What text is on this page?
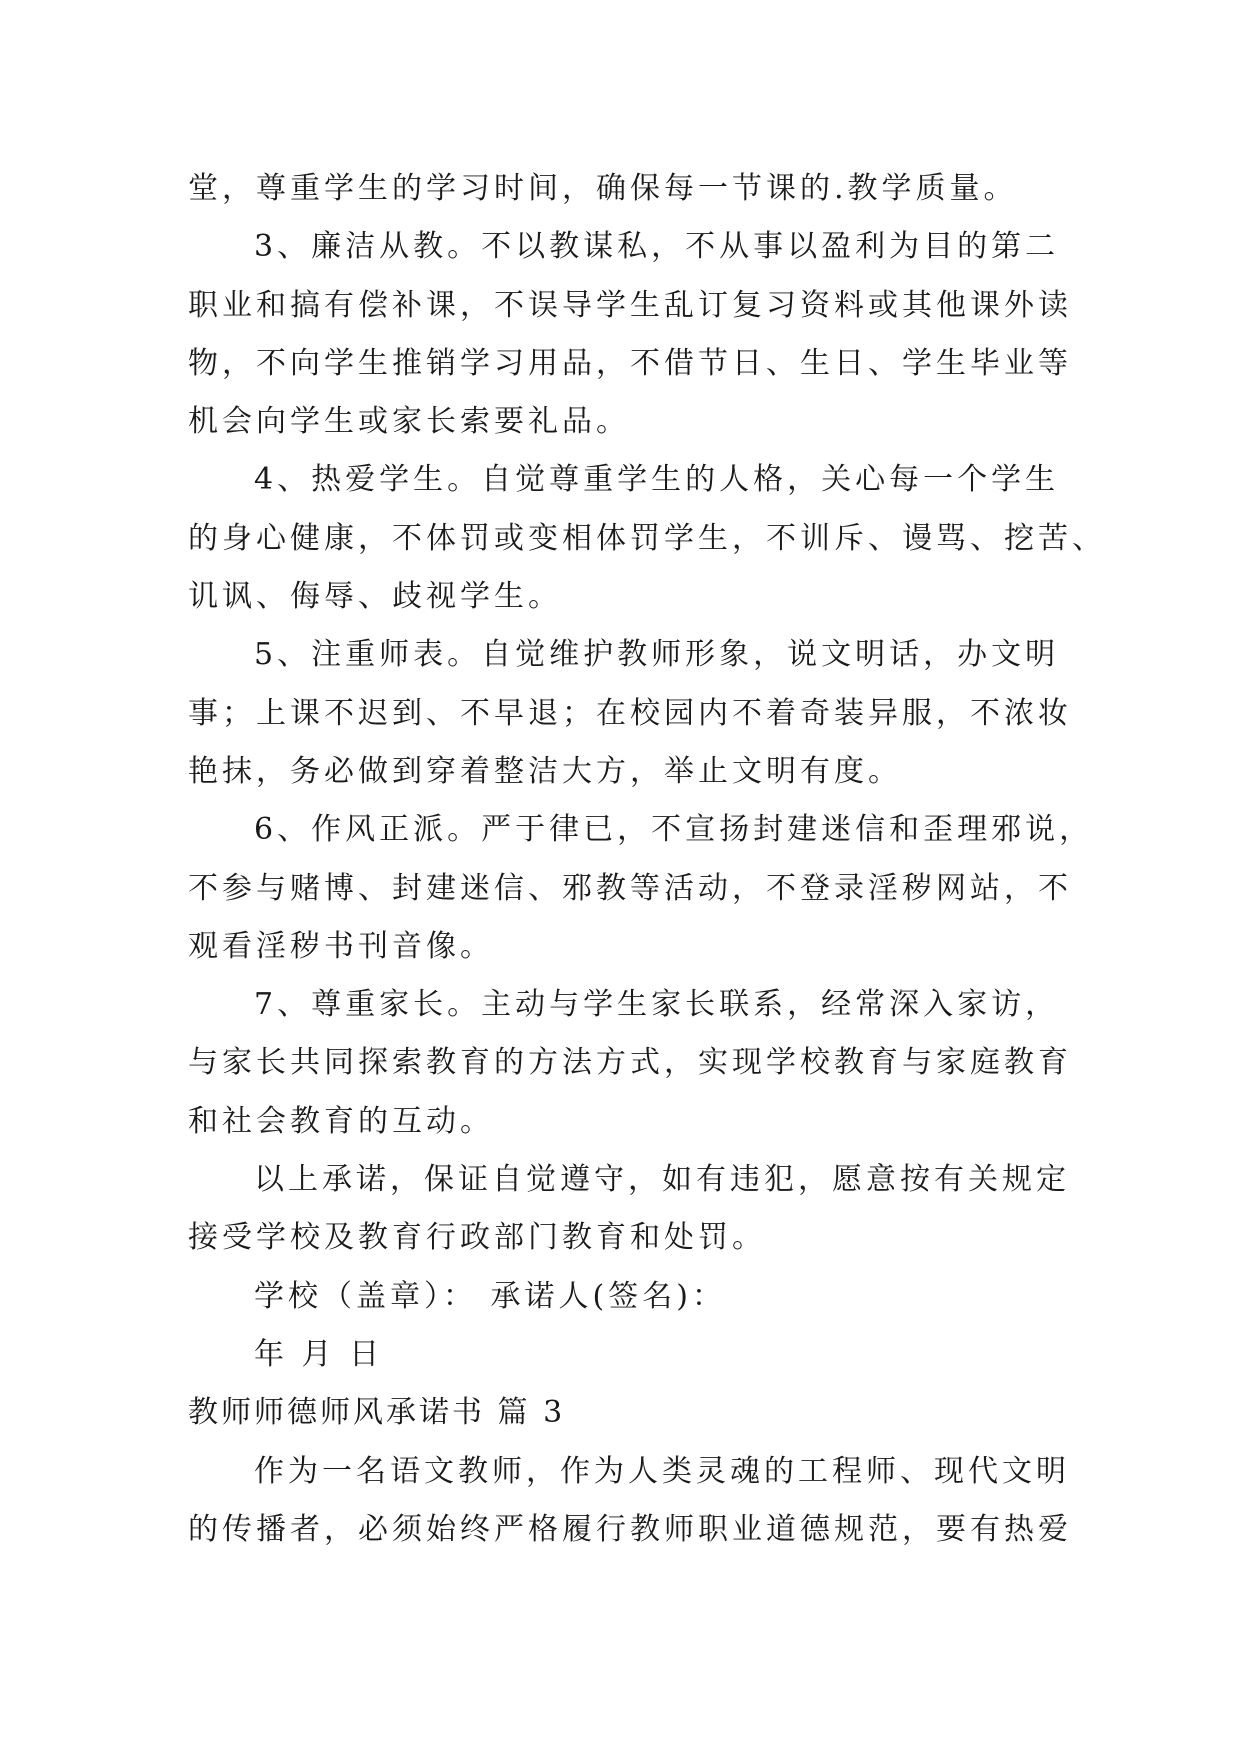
堂，尊重学生的学习时间，确保每一节课的.教学质量。

3、廉洁从教。不以教谋私，不从事以盈利为目的第二

职业和搞有偿补课，不误导学生乱订复习资料或其他课外读

物，不向学生推销学习用品，不借节日、生日、学生毕业等

机会向学生或家长索要礼品。

4、热爱学生。自觉尊重学生的人格，关心每一个学生

的身心健康，不体罚或变相体罚学生，不训斥、谩骂、挖苦、

讥讽、侮辱、歧视学生。

5、注重师表。自觉维护教师形象，说文明话，办文明

事；上课不迟到、不早退；在校园内不着奇装异服，不浓妆

艳抹，务必做到穿着整洁大方，举止文明有度。

6、作风正派。严于律已，不宣扬封建迷信和歪理邪说，

不参与赌博、封建迷信、邪教等活动，不登录淫秽网站，不

观看淫秽书刊音像。

7、尊重家长。主动与学生家长联系，经常深入家访，

与家长共同探索教育的方法方式，实现学校教育与家庭教育

和社会教育的互动。

以上承诺，保证自觉遵守，如有违犯，愿意按有关规定

接受学校及教育行政部门教育和处罚。

学校（盖章）： 承诺人(签名)：

年 月 日

教师师德师风承诺书 篇 3

作为一名语文教师，作为人类灵魂的工程师、现代文明

的传播者，必须始终严格履行教师职业道德规范，要有热爱
